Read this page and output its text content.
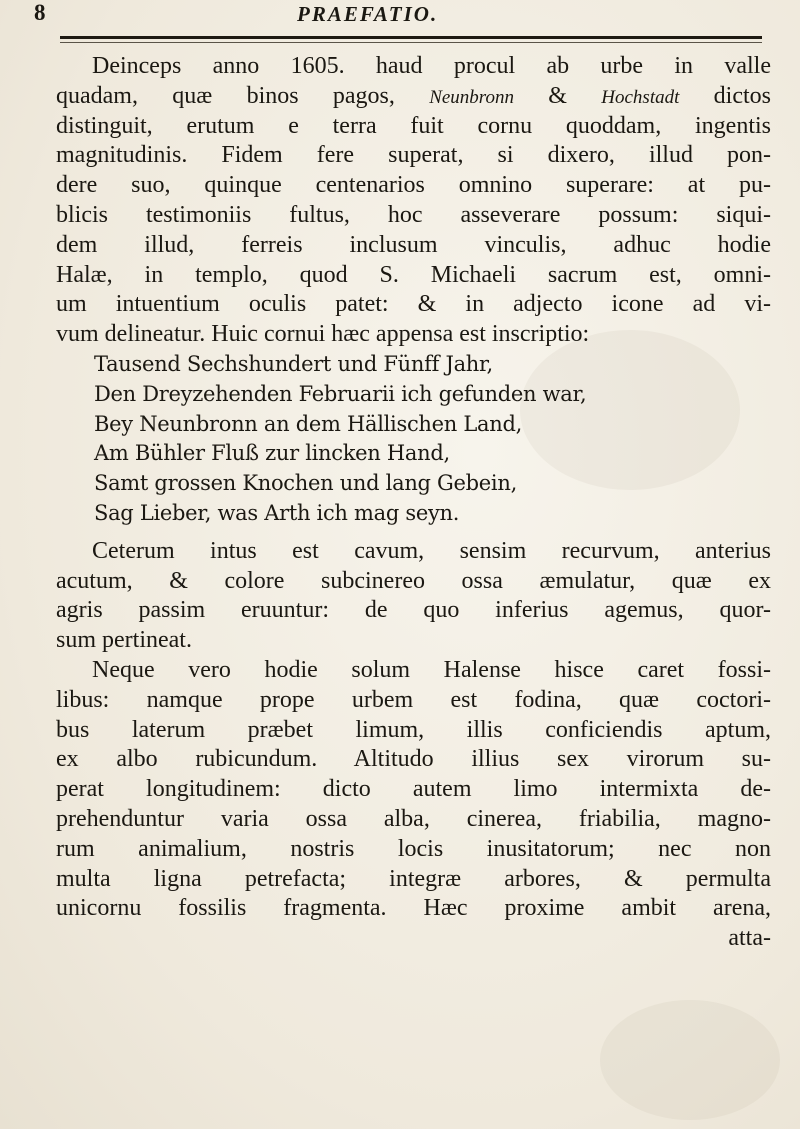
8	PRAEFATIO.
Deinceps anno 1605. haud procul ab urbe in valle
quadam, quæ binos pagos, Neunbronn & Hochstadt dictos
distinguit, erutum e terra fuit cornu quoddam, ingentis
magnitudinis. Fidem fere superat, si dixero, illud pon-
dere suo, quinque centenarios omnino superare: at pu-
blicis testimoniis fultus, hoc asseverare possum: siqui-
dem illud, ferreis inclusum vinculis, adhuc hodie
Halæ, in templo, quod S. Michaeli sacrum est, omni-
um intuentium oculis patet: & in adjecto icone ad vi-
vum delineatur. Huic cornui hæc appensa est inscriptio:
Tausend Sechshundert und Fünff Jahr,
Den Dreyzehenden Februarii ich gefunden war,
Bey Neunbronn an dem Hällischen Land,
Am Bühler Fluß zur lincken Hand,
Samt grossen Knochen und lang Gebein,
Sag Lieber, was Arth ich mag seyn.
Ceterum intus est cavum, sensim recurvum, anterius
acutum, & colore subcinereo ossa æmulatur, quæ ex
agris passim eruuntur: de quo inferius agemus, quor-
sum pertineat.
Neque vero hodie solum Halense hisce caret fossi-
libus: namque prope urbem est fodina, quæ coctori-
bus laterum præbet limum, illis conficiendis aptum,
ex albo rubicundum. Altitudo illius sex virorum su-
perat longitudinem: dicto autem limo intermixta de-
prehenduntur varia ossa alba, cinerea, friabilia, magno-
rum animalium, nostris locis inusitatorum; nec non
multa ligna petrefacta; integræ arbores, & permulta
unicornu fossilis fragmenta. Hæc proxime ambit arena,
atta-
